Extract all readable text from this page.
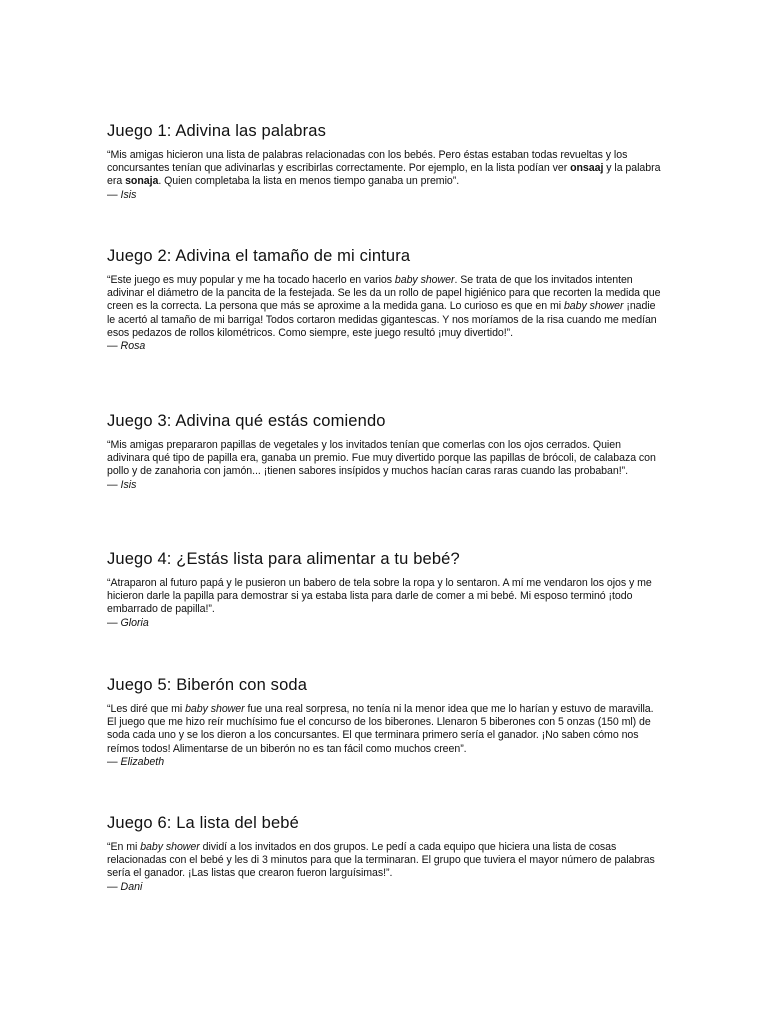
Juego 1: Adivina las palabras

“Mis amigas hicieron una lista de palabras relacionadas con los bebés. Pero éstas estaban todas revueltas y los concursantes tenían que adivinarlas y escribirlas correctamente. Por ejemplo, en la lista podían ver onsaaj y la palabra era sonaja. Quien completaba la lista en menos tiempo ganaba un premio”.

— Isis

Juego 2: Adivina el tamaño de mi cintura

“Este juego es muy popular y me ha tocado hacerlo en varios baby shower. Se trata de que los invitados intenten adivinar el diámetro de la pancita de la festejada. Se les da un rollo de papel higiénico para que recorten la medida que creen es la correcta. La persona que más se aproxime a la medida gana. Lo curioso es que en mi baby shower ¡nadie le acertó al tamaño de mi barriga! Todos cortaron medidas gigantescas. Y nos moríamos de la risa cuando me medían esos pedazos de rollos kilométricos. Como siempre, este juego resultó ¡muy divertido!”.

— Rosa

Juego 3: Adivina qué estás comiendo

“Mis amigas prepararon papillas de vegetales y los invitados tenían que comerlas con los ojos cerrados. Quien adivinara qué tipo de papilla era, ganaba un premio. Fue muy divertido porque las papillas de brócoli, de calabaza con pollo y de zanahoria con jamón... ¡tienen sabores insípidos y muchos hacían caras raras cuando las probaban!”.

— Isis

Juego 4: ¿Estás lista para alimentar a tu bebé?

“Atraparon al futuro papá y le pusieron un babero de tela sobre la ropa y lo sentaron. A mí me vendaron los ojos y me hicieron darle la papilla para demostrar si ya estaba lista para darle de comer a mi bebé. Mi esposo terminó ¡todo embarrado de papilla!”.

— Gloria

Juego 5: Biberón con soda

“Les diré que mi baby shower fue una real sorpresa, no tenía ni la menor idea que me lo harían y estuvo de maravilla. El juego que me hizo reír muchísimo fue el concurso de los biberones. Llenaron 5 biberones con 5 onzas (150 ml) de soda cada uno y se los dieron a los concursantes. El que terminara primero sería el ganador. ¡No saben cómo nos reímos todos! Alimentarse de un biberón no es tan fácil como muchos creen”.

— Elizabeth

Juego 6: La lista del bebé

“En mi baby shower dividí a los invitados en dos grupos. Le pedí a cada equipo que hiciera una lista de cosas relacionadas con el bebé y les di 3 minutos para que la terminaran. El grupo que tuviera el mayor número de palabras sería el ganador. ¡Las listas que crearon fueron larguísimas!”.

— Dani
